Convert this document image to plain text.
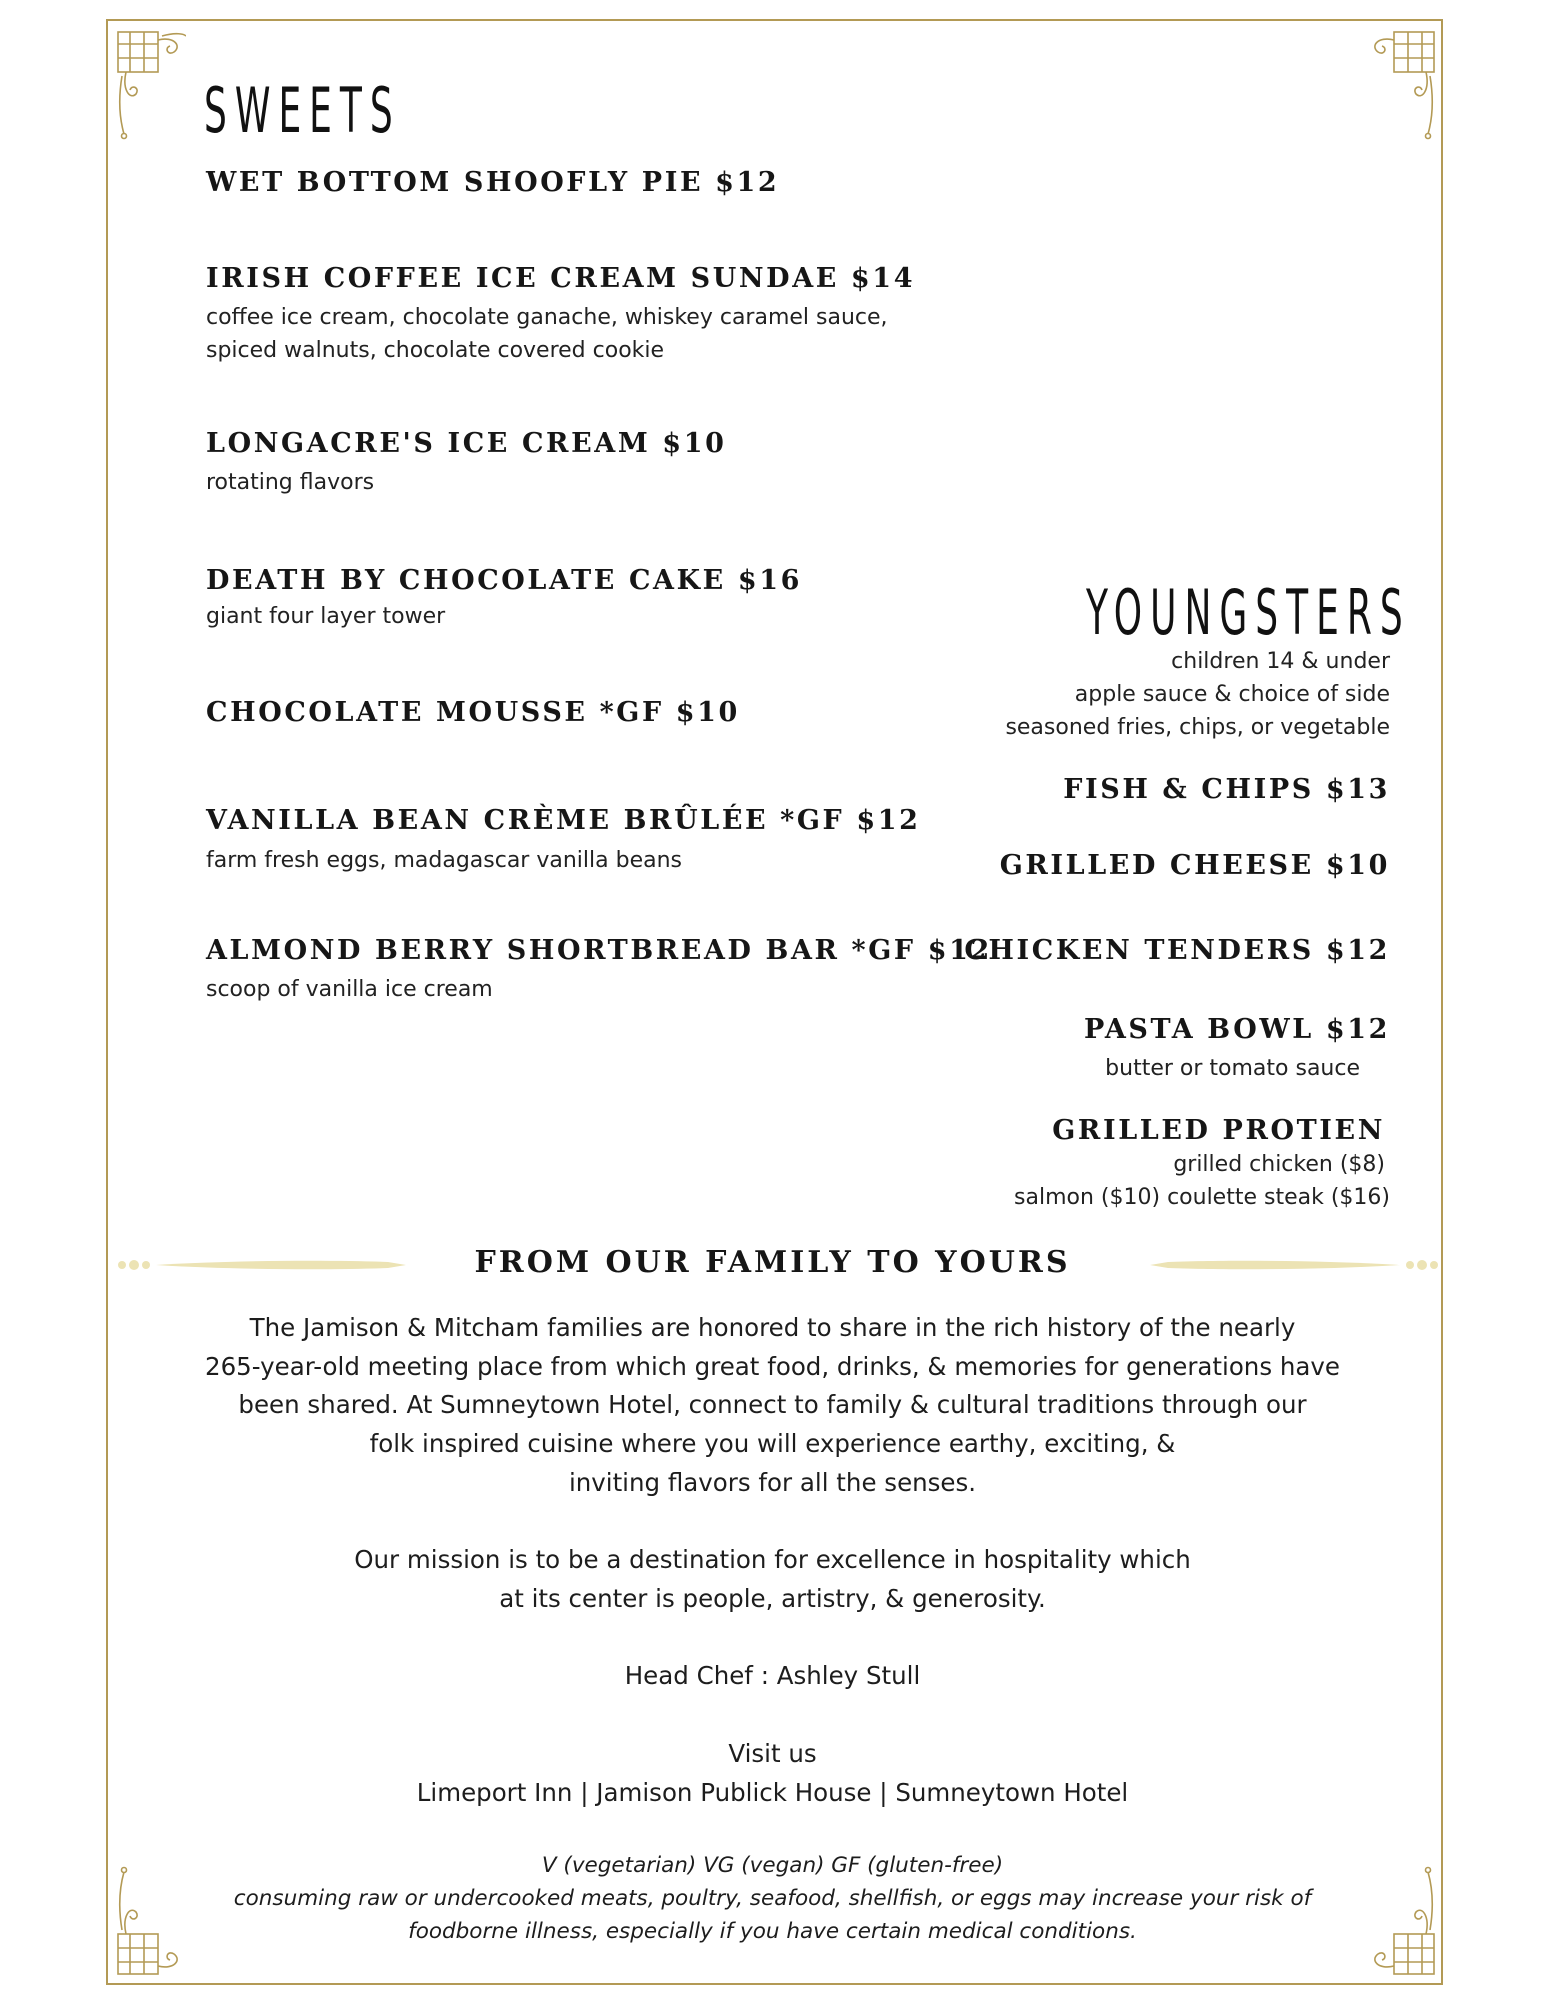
SWEETS
WET BOTTOM SHOOFLY PIE $12
IRISH COFFEE ICE CREAM SUNDAE $14
coffee ice cream, chocolate ganache, whiskey caramel sauce,
spiced walnuts, chocolate covered cookie
LONGACRE'S ICE CREAM $10
rotating flavors
DEATH BY CHOCOLATE CAKE $16
giant four layer tower
CHOCOLATE MOUSSE *GF $10
VANILLA BEAN CRÈME BRÛLÉE *GF $12
farm fresh eggs, madagascar vanilla beans
ALMOND BERRY SHORTBREAD BAR *GF $12
scoop of vanilla ice cream
YOUNGSTERS
children 14 & under
apple sauce & choice of side
seasoned fries, chips, or vegetable
FISH & CHIPS $13
GRILLED CHEESE $10
CHICKEN TENDERS $12
PASTA BOWL $12
butter or tomato sauce
GRILLED PROTIEN
grilled chicken ($8)
salmon ($10) coulette steak ($16)
FROM OUR FAMILY TO YOURS
The Jamison & Mitcham families are honored to share in the rich history of the nearly
265-year-old meeting place from which great food, drinks, & memories for generations have
been shared. At Sumneytown Hotel, connect to family & cultural traditions through our
folk inspired cuisine where you will experience earthy, exciting, &
inviting flavors for all the senses.
Our mission is to be a destination for excellence in hospitality which
at its center is people, artistry, & generosity.
Head Chef : Ashley Stull
Visit us
Limeport Inn | Jamison Publick House | Sumneytown Hotel
V (vegetarian) VG (vegan) GF (gluten-free)
consuming raw or undercooked meats, poultry, seafood, shellfish, or eggs may increase your risk of
foodborne illness, especially if you have certain medical conditions.
